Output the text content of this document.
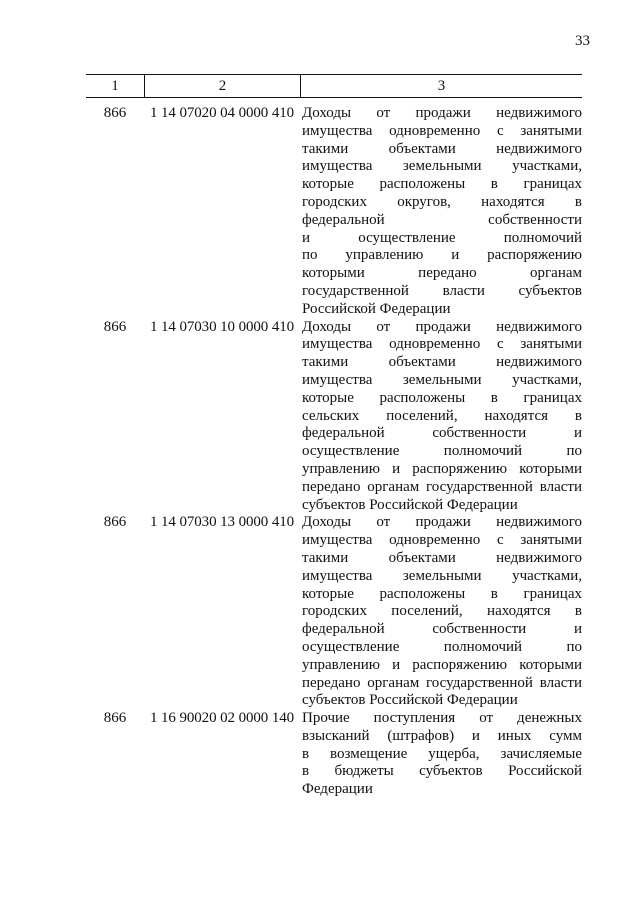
33
1	2	3
866	1 14 07020 04 0000 410 Доходы от продажи недвижимого
имущества одновременно с занятыми
такими объектами недвижимого
имущества земельными участками,
которые расположены в границах
городских округов, находятся в
федеральной собственности
и осуществление полномочий
по управлению и распоряжению
которыми передано органам
государственной власти субъектов
Российской Федерации
866	1 14 07030 10 0000 410 Доходы от продажи недвижимого
имущества одновременно с занятыми
такими объектами недвижимого
имущества земельными участками,
которые расположены в границах
сельских поселений, находятся в
федеральной собственности и
осуществление полномочий по
управлению и распоряжению которыми
передано органам государственной власти
субъектов Российской Федерации
866	1 14 07030 13 0000 410 Доходы от продажи недвижимого
имущества одновременно с занятыми
такими объектами недвижимого
имущества земельными участками,
которые расположены в границах
городских поселений, находятся в
федеральной собственности и
осуществление полномочий по
управлению и распоряжению которыми
передано органам государственной власти
субъектов Российской Федерации
866	1 16 90020 02 0000 140 Прочие поступления от денежных
взысканий (штрафов) и иных сумм
в возмещение ущерба, зачисляемые
в бюджеты субъектов Российской
Федерации
